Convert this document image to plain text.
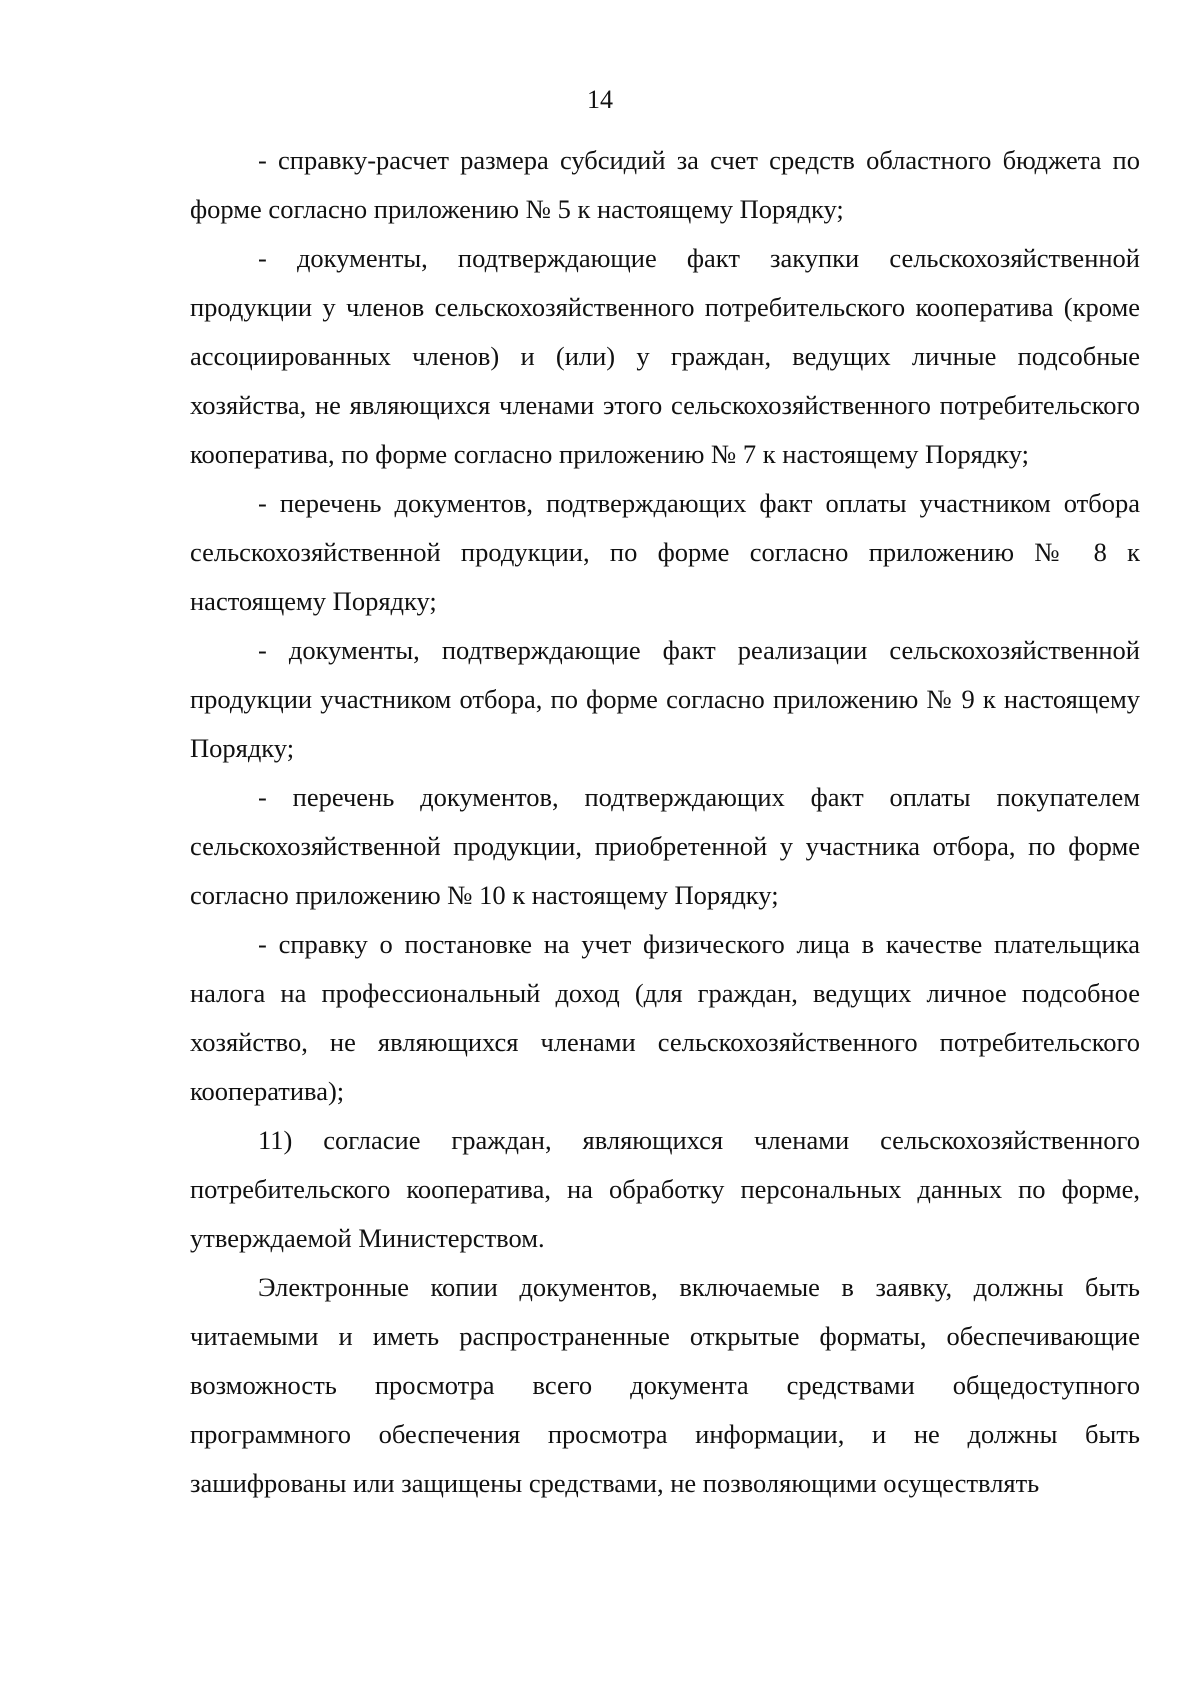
14

- справку-расчет размера субсидий за счет средств областного бюджета по форме согласно приложению № 5 к настоящему Порядку;

- документы, подтверждающие факт закупки сельскохозяйственной продукции у членов сельскохозяйственного потребительского кооператива (кроме ассоциированных членов) и (или) у граждан, ведущих личные подсобные хозяйства, не являющихся членами этого сельскохозяйственного потребительского кооператива, по форме согласно приложению № 7 к настоящему Порядку;

- перечень документов, подтверждающих факт оплаты участником отбора сельскохозяйственной продукции, по форме согласно приложению № 8 к настоящему Порядку;

- документы, подтверждающие факт реализации сельскохозяйственной продукции участником отбора, по форме согласно приложению № 9 к настоящему Порядку;

- перечень документов, подтверждающих факт оплаты покупателем сельскохозяйственной продукции, приобретенной у участника отбора, по форме согласно приложению № 10 к настоящему Порядку;

- справку о постановке на учет физического лица в качестве плательщика налога на профессиональный доход (для граждан, ведущих личное подсобное хозяйство, не являющихся членами сельскохозяйственного потребительского кооператива);

11) согласие граждан, являющихся членами сельскохозяйственного потребительского кооператива, на обработку персональных данных по форме, утверждаемой Министерством.

Электронные копии документов, включаемые в заявку, должны быть читаемыми и иметь распространенные открытые форматы, обеспечивающие возможность просмотра всего документа средствами общедоступного программного обеспечения просмотра информации, и не должны быть зашифрованы или защищены средствами, не позволяющими осуществлять
